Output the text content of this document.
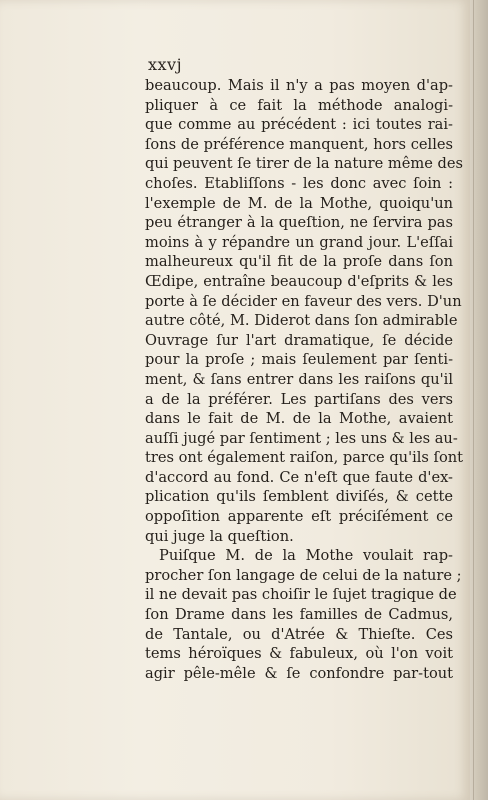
xxvj
beaucoup. Mais il n'y a pas moyen d'ap-
pliquer à ce fait la méthode analogi-
que comme au précédent : ici toutes rai-
ſons de préférence manquent, hors celles
qui peuvent ſe tirer de la nature même des
choſes. Etabliſſons - les donc avec ſoin :
l'exemple de M. de la Mothe, quoiqu'un
peu étranger à la queſtion, ne ſervira pas
moins à y répandre un grand jour. L'eſſai
malheureux qu'il fit de la proſe dans ſon
Œdipe, entraîne beaucoup d'eſprits & les
porte à ſe décider en faveur des vers. D'un
autre côté, M. Diderot dans ſon admirable
Ouvrage ſur l'art dramatique, ſe décide
pour la proſe ; mais ſeulement par ſenti-
ment, & ſans entrer dans les raiſons qu'il
a de la préférer. Les partiſans des vers
dans le fait de M. de la Mothe, avaient
auſſi jugé par ſentiment ; les uns & les au-
tres ont également raiſon, parce qu'ils ſont
d'accord au fond. Ce n'eſt que faute d'ex-
plication qu'ils ſemblent diviſés, & cette
oppoſition apparente eſt préciſément ce
qui juge la queſtion.
Puiſque M. de la Mothe voulait rap-
procher ſon langage de celui de la nature ;
il ne devait pas choiſir le ſujet tragique de
ſon Drame dans les familles de Cadmus,
de Tantale, ou d'Atrée & Thieſte. Ces
tems héroïques & fabuleux, où l'on voit
agir pêle-mêle & ſe confondre par-tout
